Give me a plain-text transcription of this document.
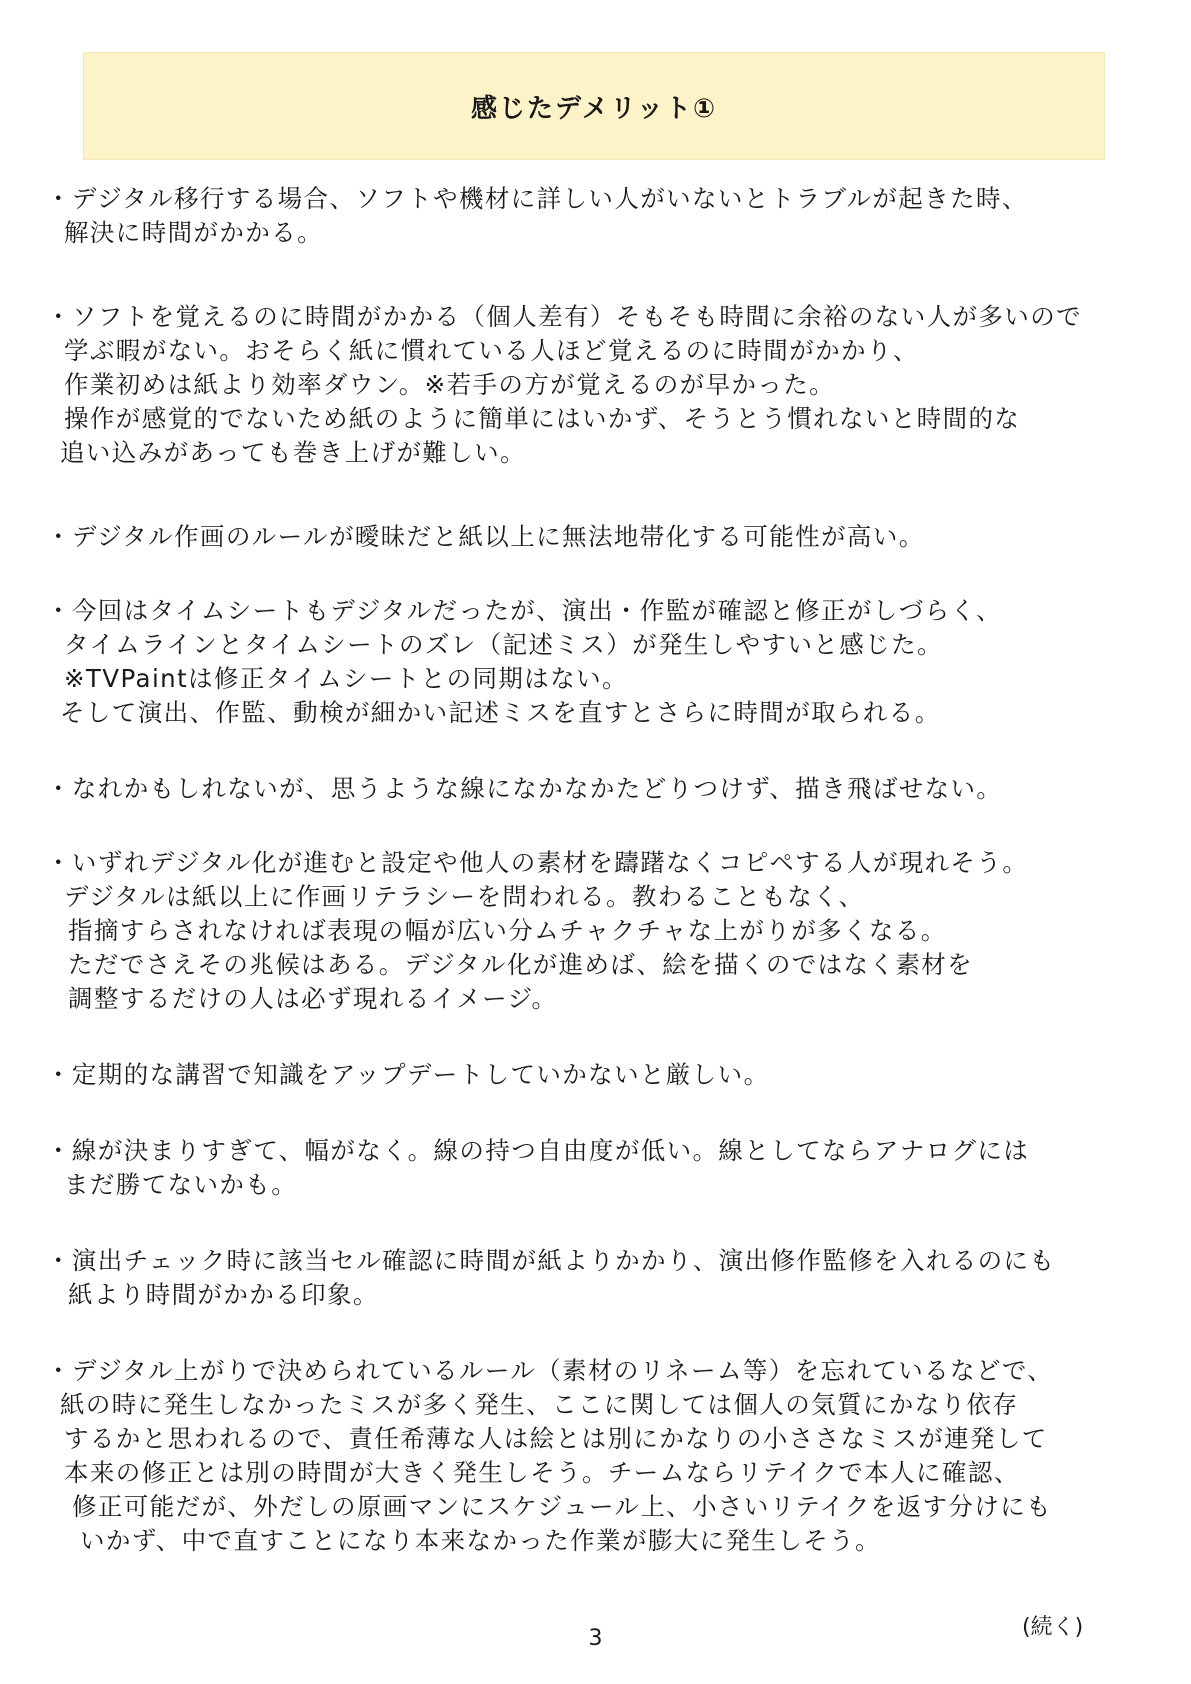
感じたデメリット①
・デジタル移行する場合、ソフトや機材に詳しい人がいないとトラブルが起きた時、
解決に時間がかかる。
・ソフトを覚えるのに時間がかかる（個人差有）そもそも時間に余裕のない人が多いので
学ぶ暇がない。おそらく紙に慣れている人ほど覚えるのに時間がかかり、
作業初めは紙より効率ダウン。※若手の方が覚えるのが早かった。
操作が感覚的でないため紙のように簡単にはいかず、そうとう慣れないと時間的な
追い込みがあっても巻き上げが難しい。
・デジタル作画のルールが曖昧だと紙以上に無法地帯化する可能性が高い。
・今回はタイムシートもデジタルだったが、演出・作監が確認と修正がしづらく、
タイムラインとタイムシートのズレ（記述ミス）が発生しやすいと感じた。
※TVPaintは修正タイムシートとの同期はない。
そして演出、作監、動検が細かい記述ミスを直すとさらに時間が取られる。
・なれかもしれないが、思うような線になかなかたどりつけず、描き飛ばせない。
・いずれデジタル化が進むと設定や他人の素材を躊躇なくコピペする人が現れそう。
デジタルは紙以上に作画リテラシーを問われる。教わることもなく、
指摘すらされなければ表現の幅が広い分ムチャクチャな上がりが多くなる。
ただでさえその兆候はある。デジタル化が進めば、絵を描くのではなく素材を
調整するだけの人は必ず現れるイメージ。
・定期的な講習で知識をアップデートしていかないと厳しい。
・線が決まりすぎて、幅がなく。線の持つ自由度が低い。線としてならアナログには
まだ勝てないかも。
・演出チェック時に該当セル確認に時間が紙よりかかり、演出修作監修を入れるのにも
紙より時間がかかる印象。
・デジタル上がりで決められているルール（素材のリネーム等）を忘れているなどで、
紙の時に発生しなかったミスが多く発生、ここに関しては個人の気質にかなり依存
するかと思われるので、責任希薄な人は絵とは別にかなりの小ささなミスが連発して
本来の修正とは別の時間が大きく発生しそう。チームならリテイクで本人に確認、
修正可能だが、外だしの原画マンにスケジュール上、小さいリテイクを返す分けにも
いかず、中で直すことになり本来なかった作業が膨大に発生しそう。
(続く)
3
